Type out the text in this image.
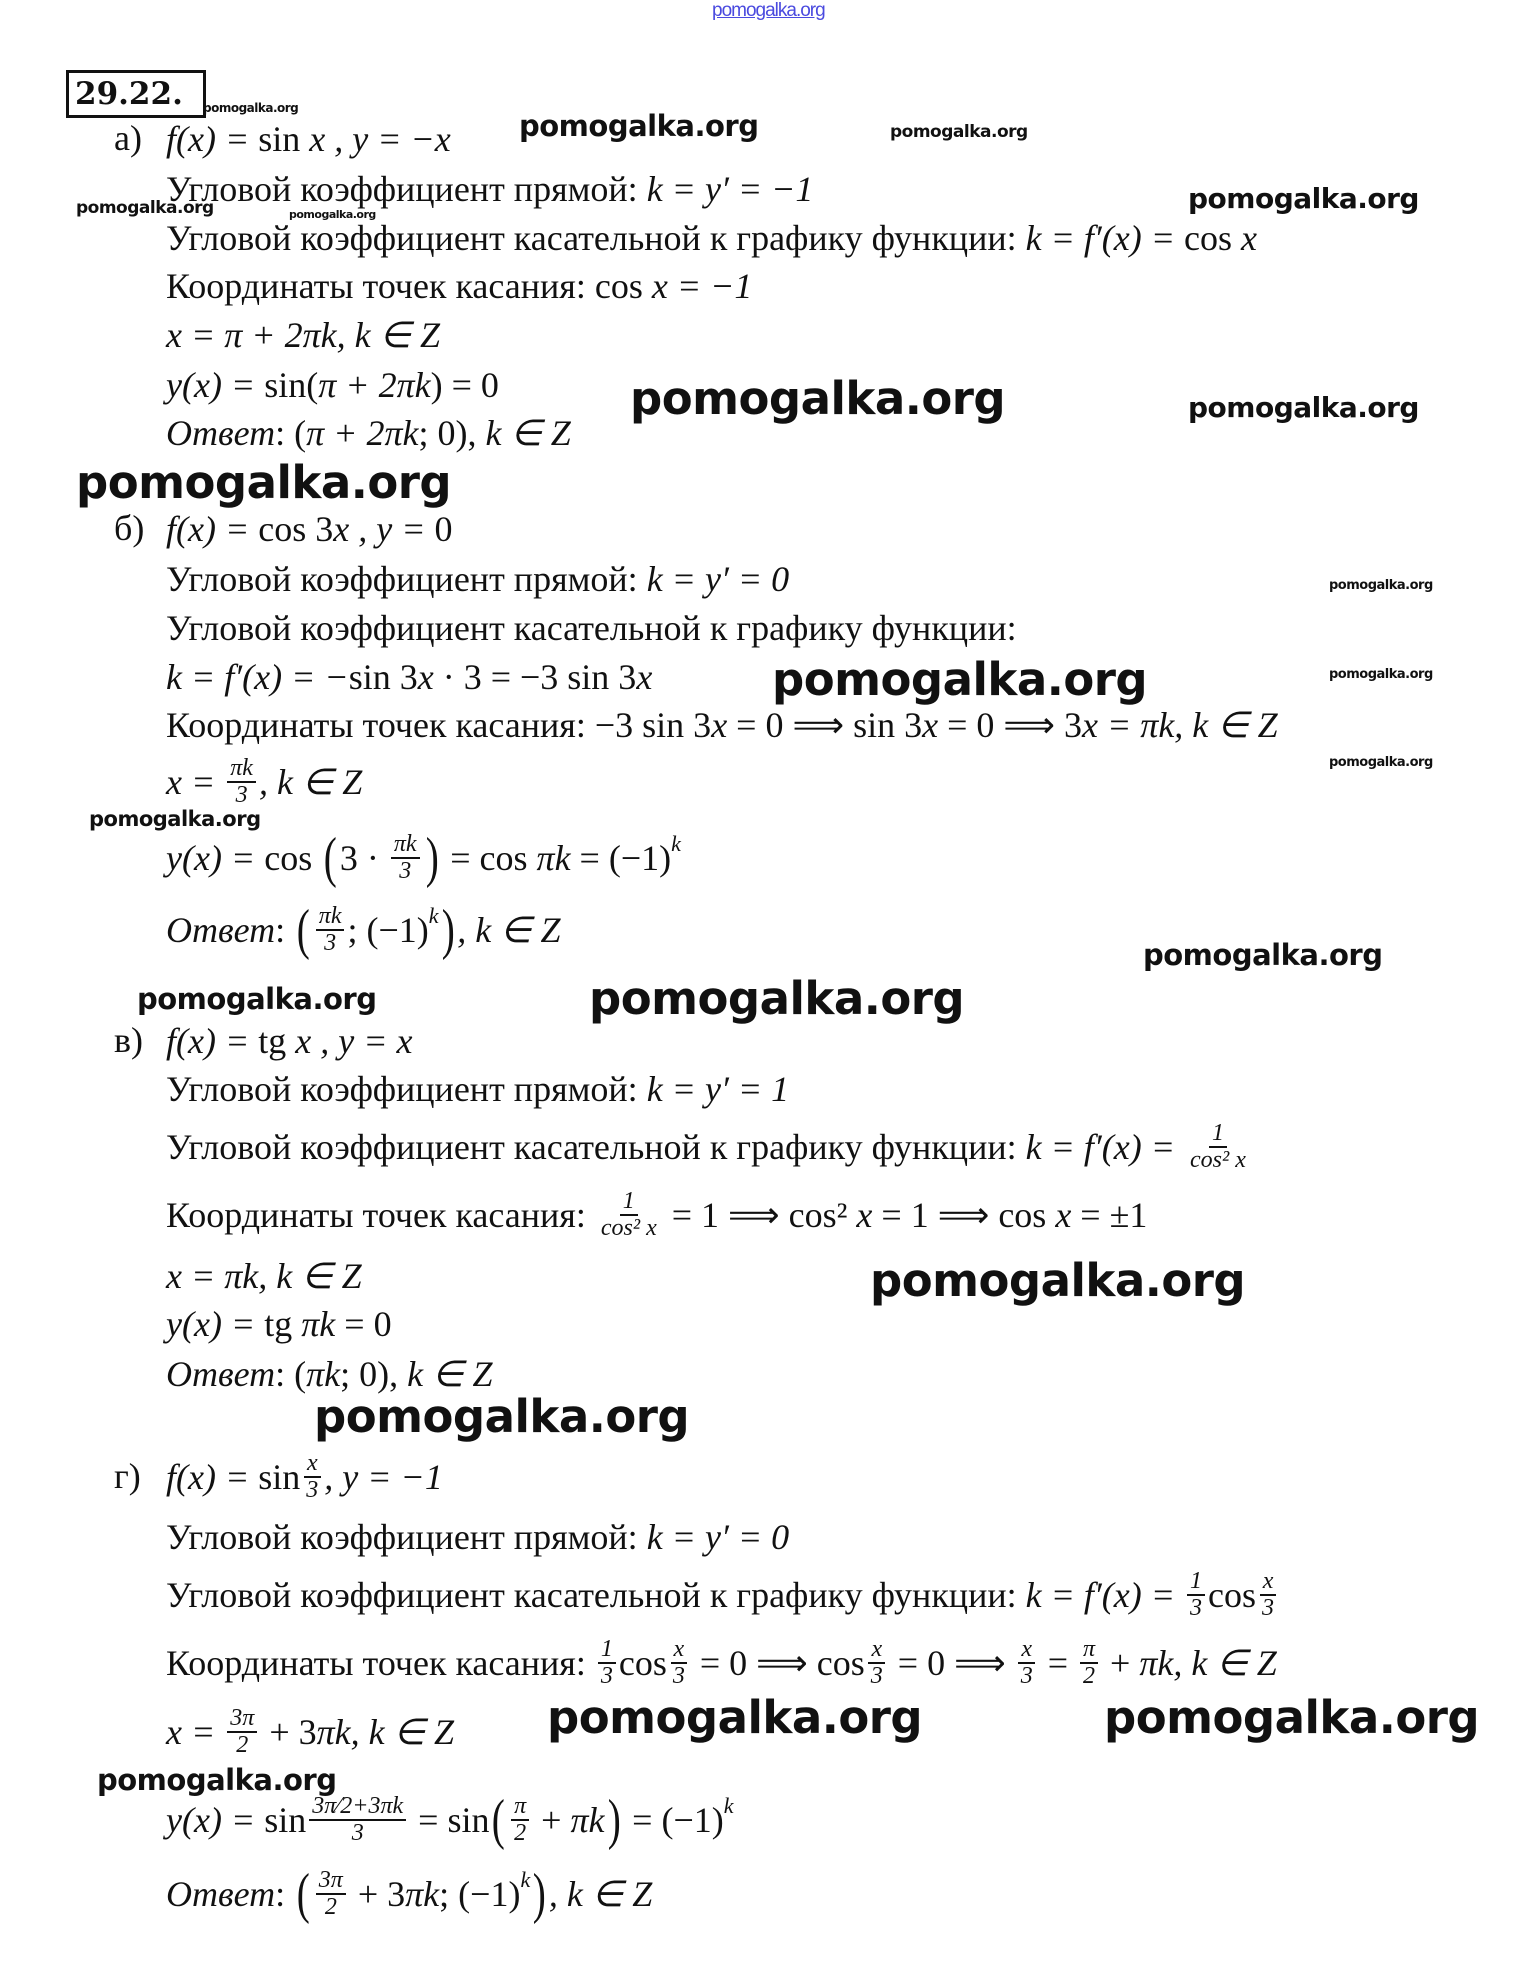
pomogalka.org
29.22.
а) f(x) = sin x , y = −x
Угловой коэффициент прямой: k = y′ = −1
Угловой коэффициент касательной к графику функции: k = f′(x) = cos x
Координаты точек касания: cos x = −1
x = π + 2πk, k ∈ Z
y(x) = sin( π + 2πk ) = 0
Ответ : ( π + 2πk ; 0), k ∈ Z
б) f(x) = cos 3 x , y = 0
Угловой коэффициент прямой: k = y′ = 0
Угловой коэффициент касательной к графику функции:
k = f′(x) = − sin 3 x · 3 = −3 sin 3 x
Координаты точек касания: −3 sin 3 x = 0 ⟹ sin 3 x = 0 ⟹ 3 x = πk, k ∈ Z
$x = \frac{\pi k}{3}$ , k ∈ Z
y(x) = cos ( $3 \cdot \frac{\pi k}{3}$ ) = cos πk = (−1) k
Ответ : ( $\frac{\pi k}{3}$ ; (−1) k ) , k ∈ Z
в) f(x) = tg x , y = x
Угловой коэффициент прямой: k = y′ = 1
Угловой коэффициент касательной к графику функции: $k = f'(x) = \frac{1}{\text{cos² x}}$
Координаты точек касания: $\frac{1}{\text{cos² x}} = 1$ ⟹ cos² x = 1 ⟹ cos x = ±1
x = πk, k ∈ Z
y(x) = tg πk = 0
Ответ : ( πk ; 0), k ∈ Z
г) $f(x) = \sin \frac{x}{3}$ , y = −1
Угловой коэффициент прямой: k = y′ = 0
Угловой коэффициент касательной к графику функции: $k = f'(x) = \frac{1}{3}$ $\cos \frac{x}{3}$
Координаты точек касания: $\frac{1}{3}$ $\cos \frac{x}{3} = 0$ ⟹ $\cos \frac{x}{3} = 0$ ⟹ $\frac{x}{3} = \frac{\pi}{2} + \pi k$, k ∈ Z
$x = \frac{3\pi}{2} + 3$ πk, k ∈ Z
$y(x) = \sin \frac{3\pi⁄2+3\pi k}{3} = \sin$ ( $\frac{\pi}{2} + \pi k$ ) = (−1) k
Ответ : ( $\frac{3\pi}{2} + 3$ πk ; (−1) k ) , k ∈ Z
pomogalka.org
pomogalka.org	pomogalka.org
pomogalka.org	pomogalka.org
pomogalka.org
pomogalka.org	pomogalka.org
pomogalka.org
pomogalka.org
pomogalka.org	pomogalka.org
pomogalka.org
pomogalka.org
pomogalka.org
pomogalka.org	pomogalka.org
pomogalka.org
pomogalka.org
pomogalka.org	pomogalka.org
pomogalka.org
